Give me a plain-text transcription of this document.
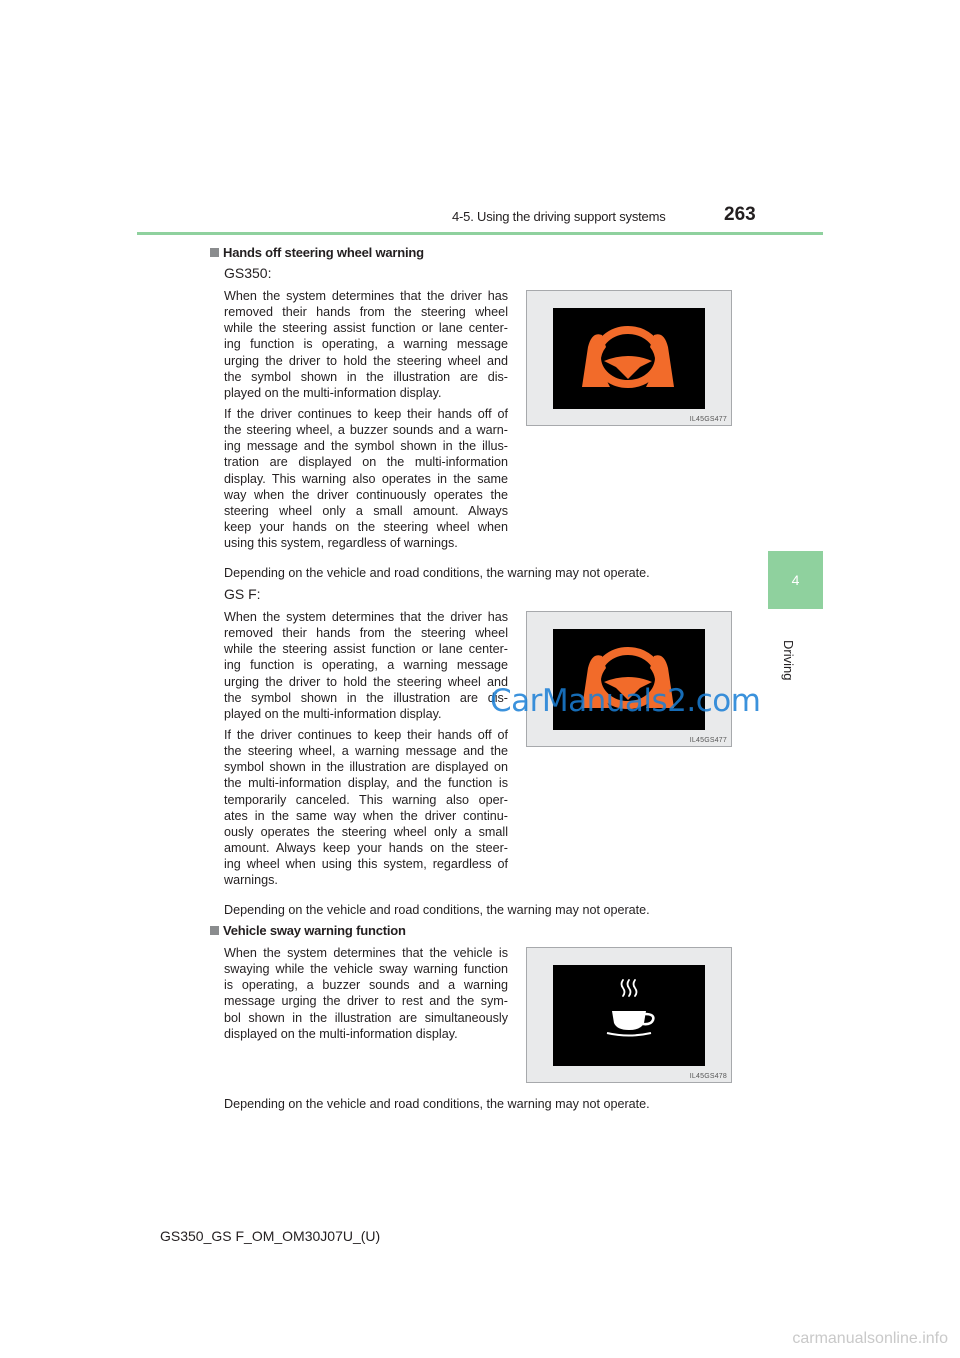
4-5. Using the driving support systems	263
4
Driving
Hands off steering wheel warning
GS350:
When the system determines that the driver has
removed their hands from the steering wheel
while the steering assist function or lane center-
ing function is operating, a warning message
urging the driver to hold the steering wheel and
the symbol shown in the illustration are dis-
played on the multi-information display.
If the driver continues to keep their hands off of
the steering wheel, a buzzer sounds and a warn-
ing message and the symbol shown in the illus-
tration are displayed on the multi-information
display. This warning also operates in the same
way when the driver continuously operates the
steering wheel only a small amount. Always
keep your hands on the steering wheel when
using this system, regardless of warnings.
IL45GS477
Depending on the vehicle and road conditions, the warning may not operate.
GS F:
When the system determines that the driver has
removed their hands from the steering wheel
while the steering assist function or lane center-
ing function is operating, a warning message
urging the driver to hold the steering wheel and
the symbol shown in the illustration are dis-
played on the multi-information display.
If the driver continues to keep their hands off of
the steering wheel, a warning message and the
symbol shown in the illustration are displayed on
the multi-information display, and the function is
temporarily canceled. This warning also oper-
ates in the same way when the driver continu-
ously operates the steering wheel only a small
amount. Always keep your hands on the steer-
ing wheel when using this system, regardless of
warnings.
IL45GS477
Depending on the vehicle and road conditions, the warning may not operate.
Vehicle sway warning function
When the system determines that the vehicle is
swaying while the vehicle sway warning function
is operating, a buzzer sounds and a warning
message urging the driver to rest and the sym-
bol shown in the illustration are simultaneously
displayed on the multi-information display.
IL45GS478
Depending on the vehicle and road conditions, the warning may not operate.
CarManuals2.com
GS350_GS F_OM_OM30J07U_(U)
carmanualsonline.info
